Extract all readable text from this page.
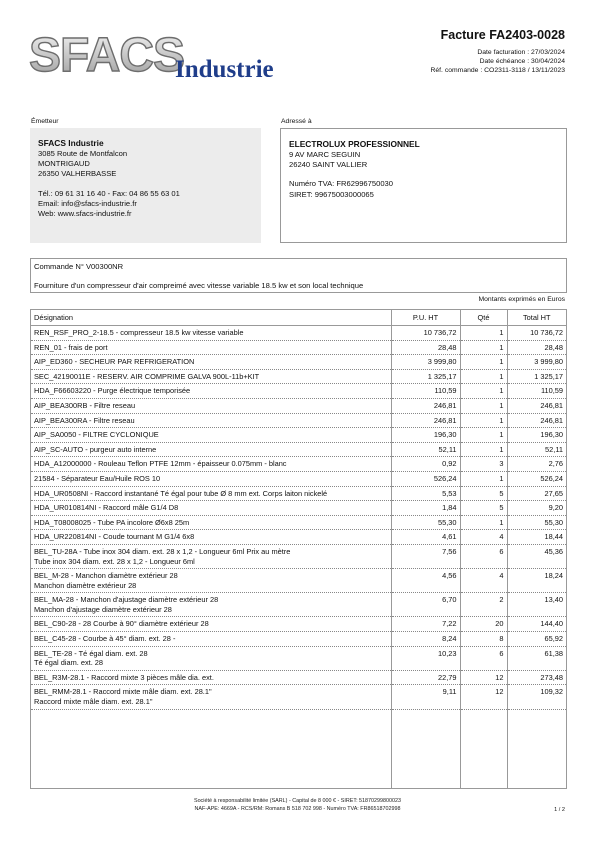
SFACS
Industrie
Facture FA2403-0028
Date facturation : 27/03/2024
Date échéance : 30/04/2024
Réf. commande : CO2311-3118 / 13/11/2023
Émetteur	Adressé à
SFACS Industrie
3085 Route de Montfalcon
MONTRIGAUD
26350 VALHERBASSE
Tél.: 09 61 31 16 40 - Fax: 04 86 55 63 01
Email: info@sfacs-industrie.fr
Web: www.sfacs-industrie.fr
ELECTROLUX PROFESSIONNEL
9 AV MARC SEGUIN
26240 SAINT VALLIER
Numéro TVA: FR62996750030
SIRET: 99675003000065
Commande N° V00300NR
Fourniture d'un compresseur d'air compreimé avec vitesse variable 18.5 kw et son local technique
Montants exprimés en Euros
Désignation	P.U. HT	Qté	Total HT

REN_RSF_PRO_2-18.5 - compresseur 18.5 kw vitesse variable	10 736,72	1	10 736,72

REN_01 - frais de port	28,48	1	28,48

AIP_ED360 - SECHEUR PAR REFRIGERATION	3 999,80	1	3 999,80

SEC_42190011E - RESERV. AIR COMPRIME GALVA 900L-11b+KIT	1 325,17	1	1 325,17

HDA_F66603220 - Purge électrique temporisée	110,59	1	110,59

AIP_BEA300RB - Filtre reseau	246,81	1	246,81

AIP_BEA300RA - Filtre reseau	246,81	1	246,81

AIP_SA0050 - FILTRE CYCLONIQUE	196,30	1	196,30

AIP_SC-AUTO - purgeur auto interne	52,11	1	52,11

HDA_A12000000 - Rouleau Teflon PTFE 12mm - épaisseur 0.075mm - blanc	0,92	3	2,76

21584 - Séparateur Eau/Huile ROS 10	526,24	1	526,24

HDA_UR0508NI - Raccord instantané Té égal pour tube Ø 8 mm ext. Corps laiton nickelé	5,53	5	27,65

HDA_UR010814NI - Raccord mâle G1/4 D8	1,84	5	9,20

HDA_T08008025 - Tube PA incolore Ø6x8 25m	55,30	1	55,30

HDA_UR220814NI - Coude tournant M G1/4 6x8	4,61	4	18,44

BEL_TU-28A - Tube inox 304 diam. ext. 28 x 1,2 - Longueur 6ml Prix au mètre
Tube inox 304 diam. ext. 28 x 1,2 - Longueur 6ml	7,56	6	45,36

BEL_M-28 - Manchon diamètre extérieur 28
Manchon diamètre extérieur 28	4,56	4	18,24

BEL_MA-28 - Manchon d'ajustage diamètre extérieur 28
Manchon d'ajustage diamètre extérieur 28	6,70	2	13,40

BEL_C90-28 - 28 Courbe à 90° diamètre extérieur 28	7,22	20	144,40

BEL_C45-28 - Courbe à 45° diam. ext. 28 -	8,24	8	65,92

BEL_TE-28 - Té égal diam. ext. 28
Té égal diam. ext. 28	10,23	6	61,38

BEL_R3M-28.1 - Raccord mixte 3 pièces mâle dia. ext.	22,79	12	273,48

BEL_RMM-28.1 - Raccord mixte mâle diam. ext. 28.1"
Raccord mixte mâle diam. ext. 28.1"	9,11	12	109,32
Société à responsabilité limitée (SARL) - Capital de 8 000 € - SIRET: 51870299800023
NAF-APE: 4669A - RCS/RM: Romans B 518 702 998 - Numéro TVA: FR86518702998	1 / 2
